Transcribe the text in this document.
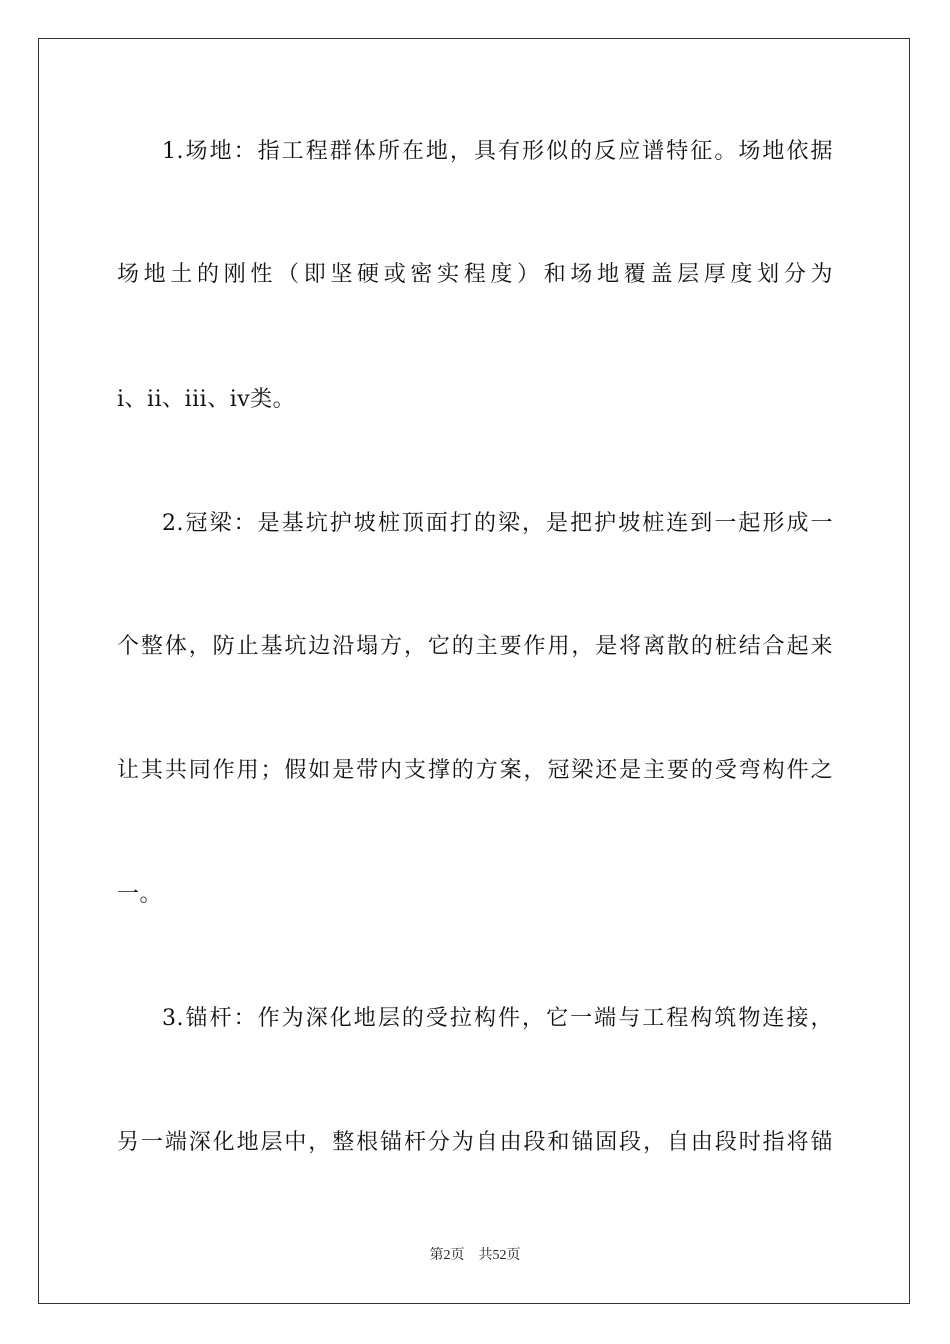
1.场地：指工程群体所在地，具有形似的反应谱特征。场地依据
场地土的刚性（即坚硬或密实程度）和场地覆盖层厚度划分为
i、ii、iii、iv类。
2.冠梁：是基坑护坡桩顶面打的梁，是把护坡桩连到一起形成一
个整体，防止基坑边沿塌方，它的主要作用，是将离散的桩结合起来
让其共同作用；假如是带内支撑的方案，冠梁还是主要的受弯构件之
一。
3.锚杆：作为深化地层的受拉构件，它一端与工程构筑物连接，
另一端深化地层中，整根锚杆分为自由段和锚固段，自由段时指将锚
第2页 共52页
